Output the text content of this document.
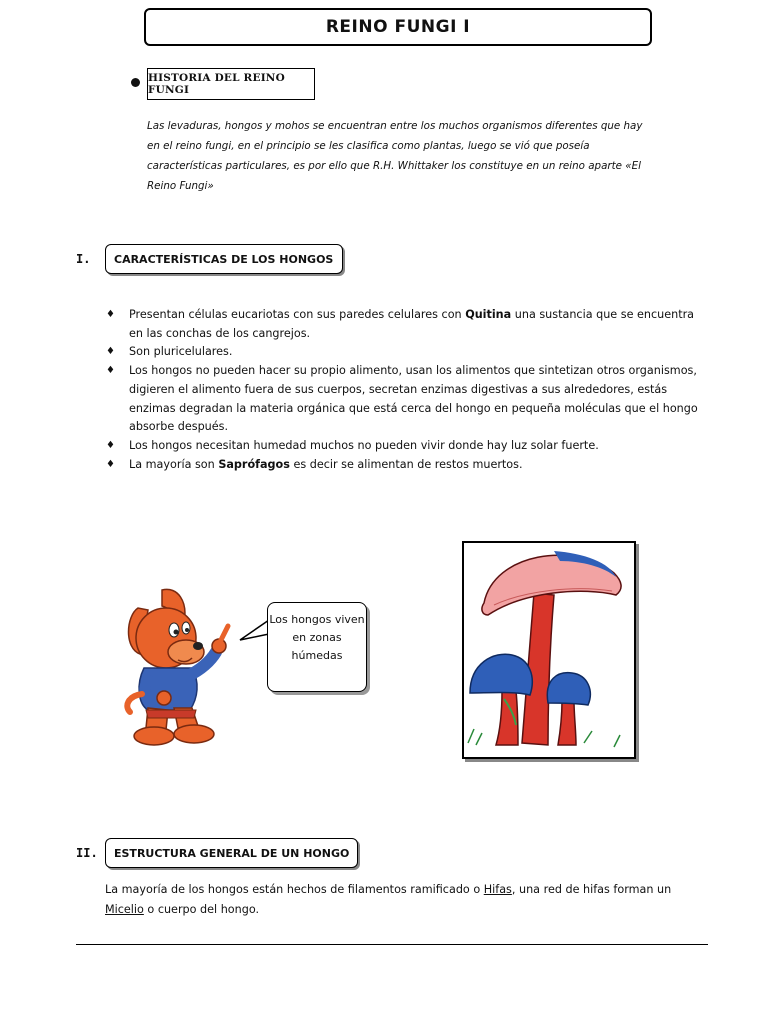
REINO FUNGI I
HISTORIA DEL REINO FUNGI
Las levaduras, hongos y mohos se encuentran entre los muchos organismos diferentes que hay en el reino fungi, en el principio se les clasifica como plantas, luego se vió que poseía características particulares, es por ello que R.H. Whittaker los constituye en un reino aparte «El Reino Fungi»
I.	CARACTERÍSTICAS DE LOS HONGOS
♦ Presentan células eucariotas con sus paredes celulares con Quitina una sustancia que se encuentra en las conchas de los cangrejos.
♦ Son pluricelulares.
♦ Los hongos no pueden hacer su propio alimento, usan los alimentos que sintetizan otros organismos, digieren el alimento fuera de sus cuerpos, secretan enzimas digestivas a sus alrededores, estás enzimas degradan la materia orgánica que está cerca del hongo en pequeña moléculas que el hongo absorbe después.
♦ Los hongos necesitan humedad muchos no pueden vivir donde hay luz solar fuerte.
♦ La mayoría son Saprófagos es decir se alimentan de restos muertos.
Los hongos viven en zonas húmedas
II.	ESTRUCTURA GENERAL DE UN HONGO
La mayoría de los hongos están hechos de filamentos ramificado o Hifas, una red de hifas forman un Micelio o cuerpo del hongo.
